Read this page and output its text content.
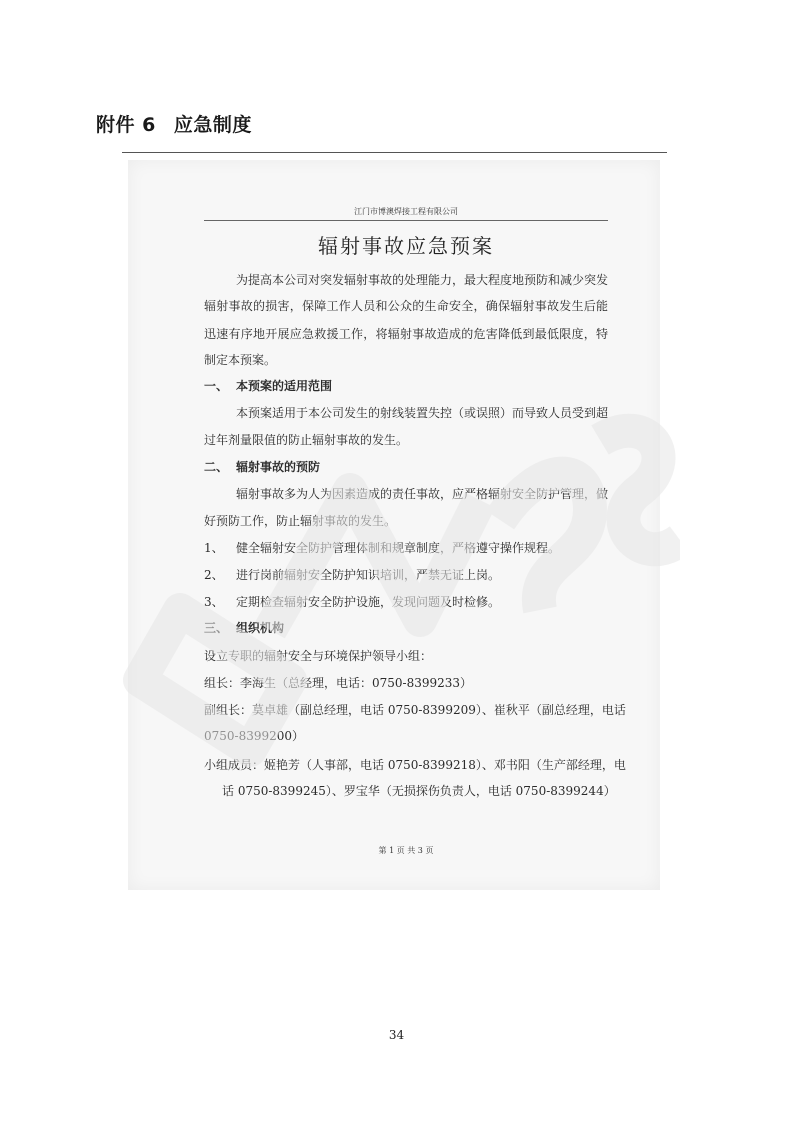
附件 6 应急制度
江门市博澳焊接工程有限公司
辐射事故应急预案
为提高本公司对突发辐射事故的处理能力，最大程度地预防和减少突发
辐射事故的损害，保障工作人员和公众的生命安全，确保辐射事故发生后能
迅速有序地开展应急救援工作，将辐射事故造成的危害降低到最低限度，特
制定本预案。
一、 本预案的适用范围
本预案适用于本公司发生的射线装置失控（或误照）而导致人员受到超
过年剂量限值的防止辐射事故的发生。
二、 辐射事故的预防
辐射事故多为人为因素造成的责任事故，应严格辐射安全防护管理，做
好预防工作，防止辐射事故的发生。
1、 健全辐射安全防护管理体制和规章制度，严格遵守操作规程。
2、 进行岗前辐射安全防护知识培训，严禁无证上岗。
3、 定期检查辐射安全防护设施，发现问题及时检修。
三、 组织机构
设立专职的辐射安全与环境保护领导小组：
组长：李海生（总经理，电话：0750-8399233）
副组长：莫卓雄（副总经理，电话 0750-8399209）、崔秋平（副总经理，电话
0750-8399200）
小组成员：姬艳芳（人事部，电话 0750-8399218）、邓书阳（生产部经理，电
话 0750-8399245）、罗宝华（无损探伤负责人，电话 0750-8399244）
第 1 页 共 3 页
34
